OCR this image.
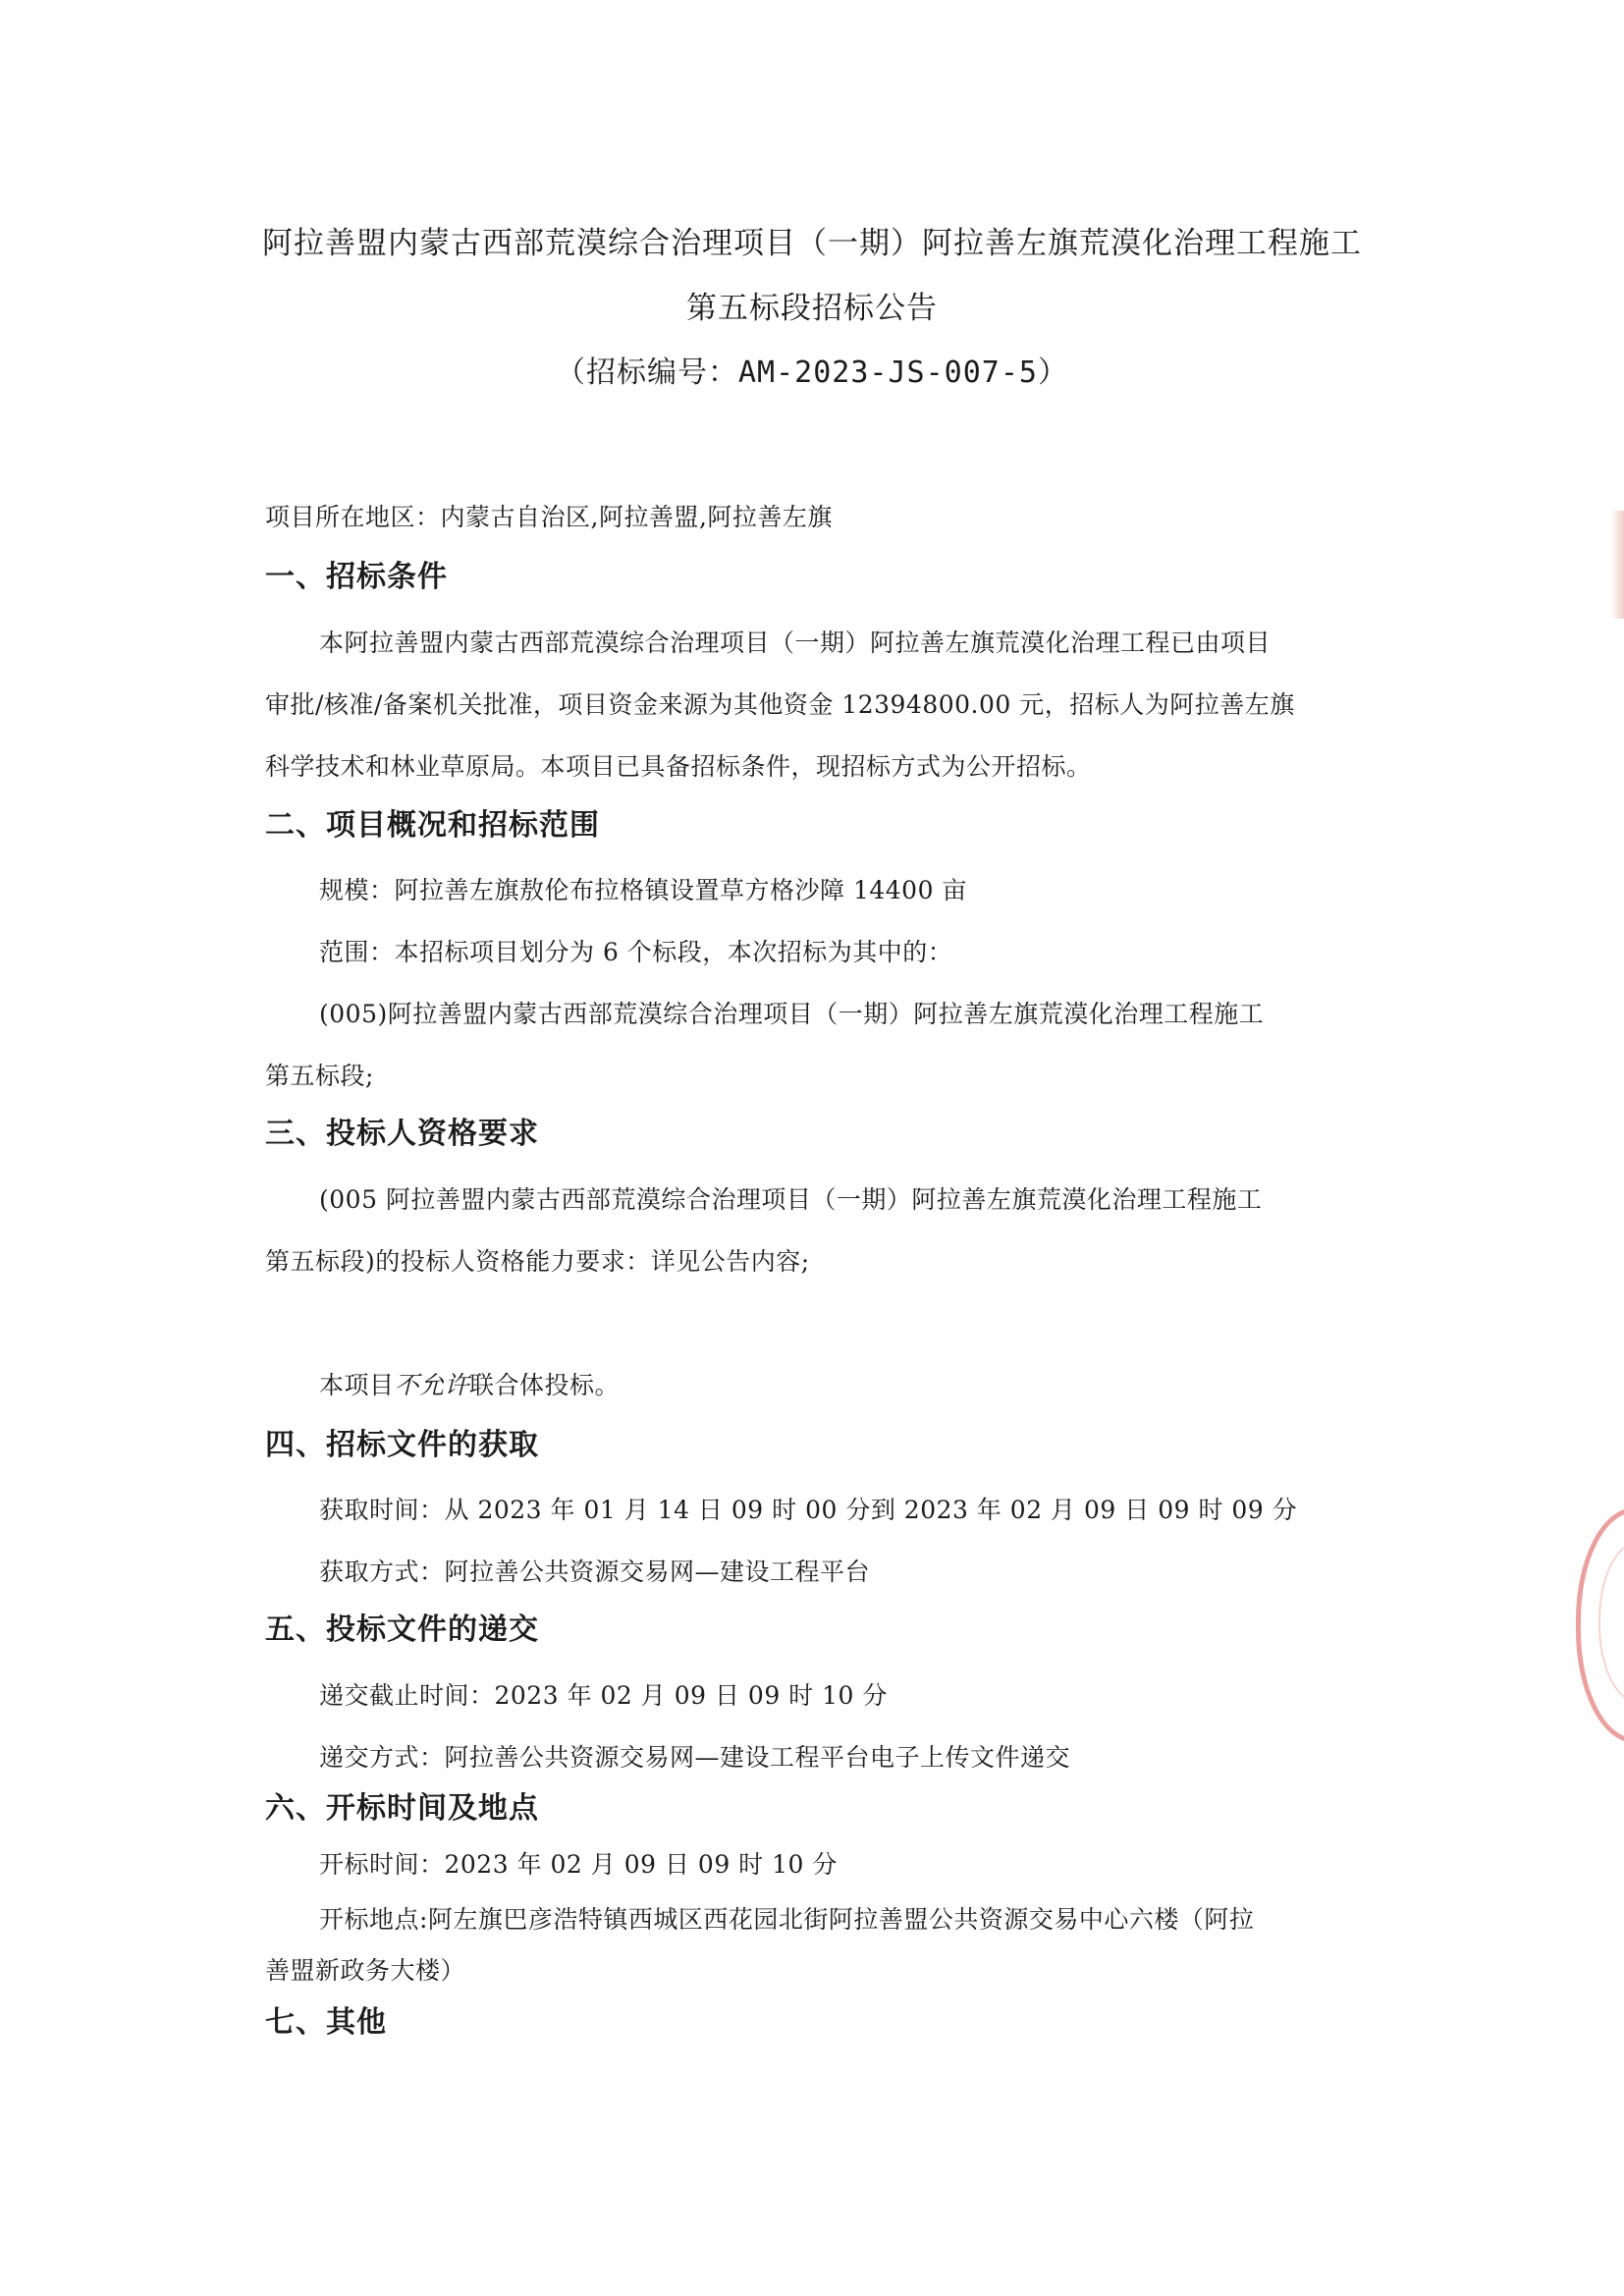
阿拉善盟内蒙古西部荒漠综合治理项目（一期）阿拉善左旗荒漠化治理工程施工
第五标段招标公告
（招标编号：AM-2023-JS-007-5）
项目所在地区：内蒙古自治区,阿拉善盟,阿拉善左旗
一、招标条件
本阿拉善盟内蒙古西部荒漠综合治理项目（一期）阿拉善左旗荒漠化治理工程已由项目
审批/核准/备案机关批准，项目资金来源为其他资金 12394800.00 元，招标人为阿拉善左旗
科学技术和林业草原局。本项目已具备招标条件，现招标方式为公开招标。
二、项目概况和招标范围
规模：阿拉善左旗敖伦布拉格镇设置草方格沙障 14400 亩
范围：本招标项目划分为 6 个标段，本次招标为其中的：
(005)阿拉善盟内蒙古西部荒漠综合治理项目（一期）阿拉善左旗荒漠化治理工程施工
第五标段;
三、投标人资格要求
(005 阿拉善盟内蒙古西部荒漠综合治理项目（一期）阿拉善左旗荒漠化治理工程施工
第五标段)的投标人资格能力要求：详见公告内容;
本项目不允许联合体投标。
四、招标文件的获取
获取时间：从 2023 年 01 月 14 日 09 时 00 分到 2023 年 02 月 09 日 09 时 09 分
获取方式：阿拉善公共资源交易网—建设工程平台
五、投标文件的递交
递交截止时间：2023 年 02 月 09 日 09 时 10 分
递交方式：阿拉善公共资源交易网—建设工程平台电子上传文件递交
六、开标时间及地点
开标时间：2023 年 02 月 09 日 09 时 10 分
开标地点:阿左旗巴彦浩特镇西城区西花园北街阿拉善盟公共资源交易中心六楼（阿拉
善盟新政务大楼）
七、其他
